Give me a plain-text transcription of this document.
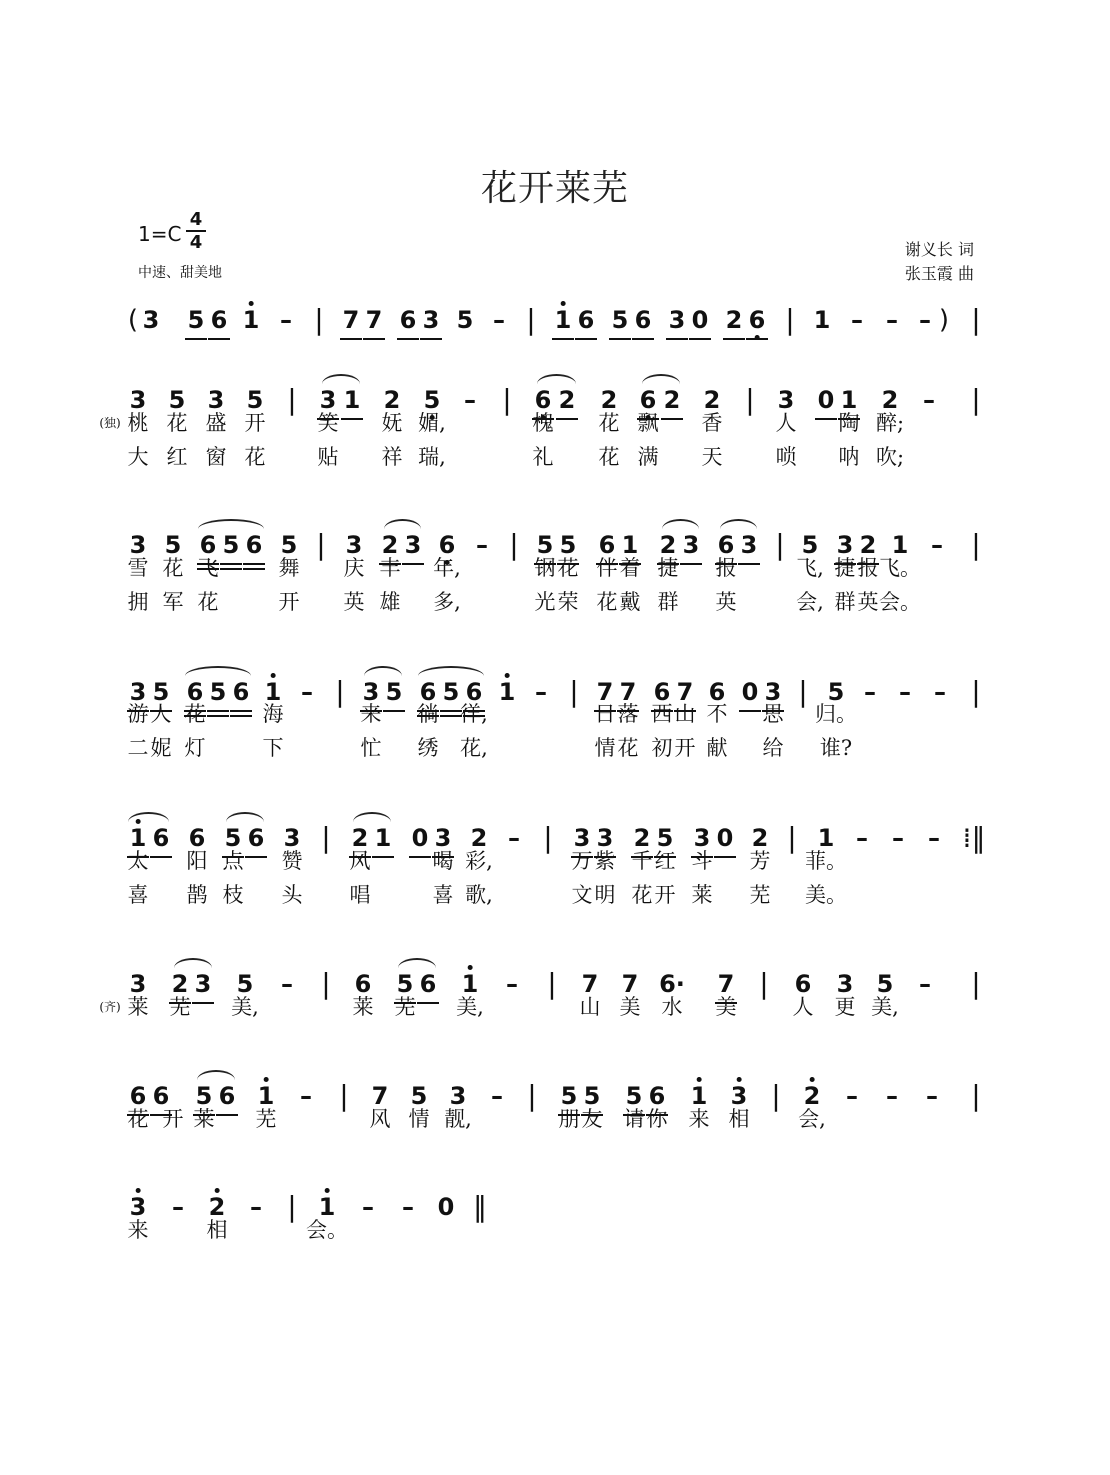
花开莱芜
1=C
4
4
中速、甜美地
谢义长 词
张玉霞 曲
( 3 5 6 1 – | 7 7 6 3 5 – | 1 6 5 6 3 0 2 6 | 1 – – – ) |
3 5 3 5 | 3 1 2 5 – | 6 2 2 6 2 2 | 3 0 1 2 – |
(独) 桃 花 盛 开 笑 妩 媚,	槐 花 飘 香	人 陶 醉;
大 红 窗 花 贴 祥 瑞,	礼 花 满 天	唢 呐 吹;
3 5 6 5 6 5 | 3 2 3 6 – | 5 5 6 1 2 3 6 3 | 5 3 2 1 – |
雪 花 飞	舞 庆 丰 年,	钢 花 伴 着 捷 报	飞, 捷 报 飞。
拥 军 花	开 英 雄 多,	光 荣 花 戴 群 英	会, 群 英 会。
3 5 6 5 6 1 – | 3 5 6 5 6 1 – | 7 7 6 7 6 0 3 | 5 – – – |
游 人 花	海	来 徜 徉,	日 落 西 山 不 思 归。
二 妮 灯	下	忙 绣 花,	情 花 初 开 献 给 谁?
1 6 6 5 6 3 | 2 1 0 3 2 – | 3 3 2 5 3 0 2 | 1 – – – ⁞‖
太 阳 点 赞 风	喝 彩,	万 紫 千 红 斗 芳 菲。
喜 鹊 枝 头 唱	喜 歌,	文 明 花 开 莱 芜 美。
3 2 3 5 – | 6 5 6 1 – | 7 7 6· 7 | 6 3 5 – |
(齐) 莱 芜 美,	莱 芜 美,	山 美 水 美	人 更 美,
6 6 5 6 1 – | 7 5 3 – | 5 5 5 6 1 3 | 2 – – – |
花 开 莱 芜	风 情 靓,	朋 友 请 你 来 相 会,
3 – 2 – | 1 – – 0 ‖
来	相	会。
